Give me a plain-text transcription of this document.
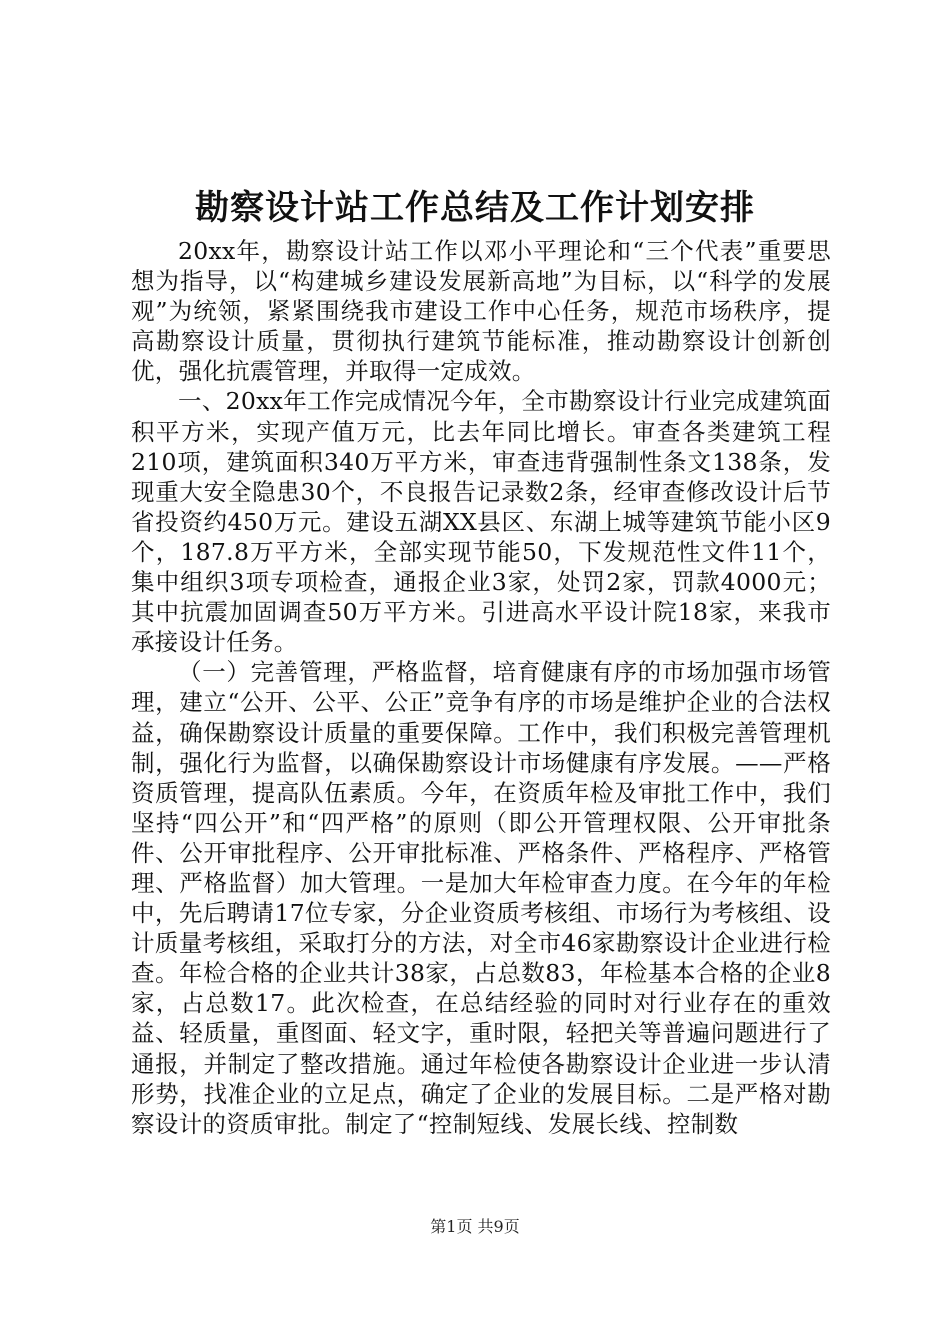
勘察设计站工作总结及工作计划安排

20xx年，勘察设计站工作以邓小平理论和“三个代表”重要思想为指导，以“构建城乡建设发展新高地”为目标，以“科学的发展观”为统领，紧紧围绕我市建设工作中心任务，规范市场秩序，提高勘察设计质量，贯彻执行建筑节能标准，推动勘察设计创新创优，强化抗震管理，并取得一定成效。

一、20xx年工作完成情况今年，全市勘察设计行业完成建筑面积平方米，实现产值万元，比去年同比增长。审查各类建筑工程210项，建筑面积340万平方米，审查违背强制性条文138条，发现重大安全隐患30个，不良报告记录数2条，经审查修改设计后节省投资约450万元。建设五湖XX县区、东湖上城等建筑节能小区9个，187.8万平方米，全部实现节能50，下发规范性文件11个，集中组织3项专项检查，通报企业3家，处罚2家，罚款4000元；其中抗震加固调查50万平方米。引进高水平设计院18家，来我市承接设计任务。

（一）完善管理，严格监督，培育健康有序的市场加强市场管理，建立“公开、公平、公正”竞争有序的市场是维护企业的合法权益，确保勘察设计质量的重要保障。工作中，我们积极完善管理机制，强化行为监督，以确保勘察设计市场健康有序发展。——严格资质管理，提高队伍素质。今年，在资质年检及审批工作中，我们坚持“四公开”和“四严格”的原则（即公开管理权限、公开审批条件、公开审批程序、公开审批标准、严格条件、严格程序、严格管理、严格监督）加大管理。一是加大年检审查力度。在今年的年检中，先后聘请17位专家，分企业资质考核组、市场行为考核组、设计质量考核组，采取打分的方法，对全市46家勘察设计企业进行检查。年检合格的企业共计38家，占总数83，年检基本合格的企业8家，占总数17。此次检查，在总结经验的同时对行业存在的重效益、轻质量，重图面、轻文字，重时限，轻把关等普遍问题进行了通报，并制定了整改措施。通过年检使各勘察设计企业进一步认清形势，找准企业的立足点，确定了企业的发展目标。二是严格对勘察设计的资质审批。制定了“控制短线、发展长线、控制数

第1页 共9页
